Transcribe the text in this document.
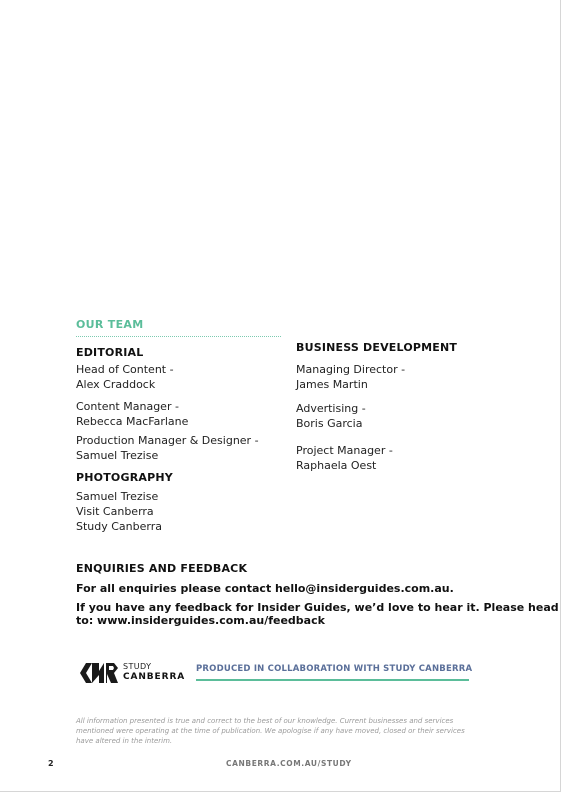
OUR TEAM
EDITORIAL
Head of Content -
Alex Craddock
Content Manager -
Rebecca MacFarlane
Production Manager & Designer -
Samuel Trezise
PHOTOGRAPHY
Samuel Trezise
Visit Canberra
Study Canberra
BUSINESS DEVELOPMENT
Managing Director -
James Martin
Advertising -
Boris Garcia
Project Manager -
Raphaela Oest
ENQUIRIES AND FEEDBACK
For all enquiries please contact hello@insiderguides.com.au.
If you have any feedback for Insider Guides, we’d love to hear it. Please head
to: www.insiderguides.com.au/feedback
STUDY
CANBERRA
PRODUCED IN COLLABORATION WITH STUDY CANBERRA
All information presented is true and correct to the best of our knowledge. Current businesses and services
mentioned were operating at the time of publication. We apologise if any have moved, closed or their services
have altered in the interim.
2	CANBERRA.COM.AU/STUDY
